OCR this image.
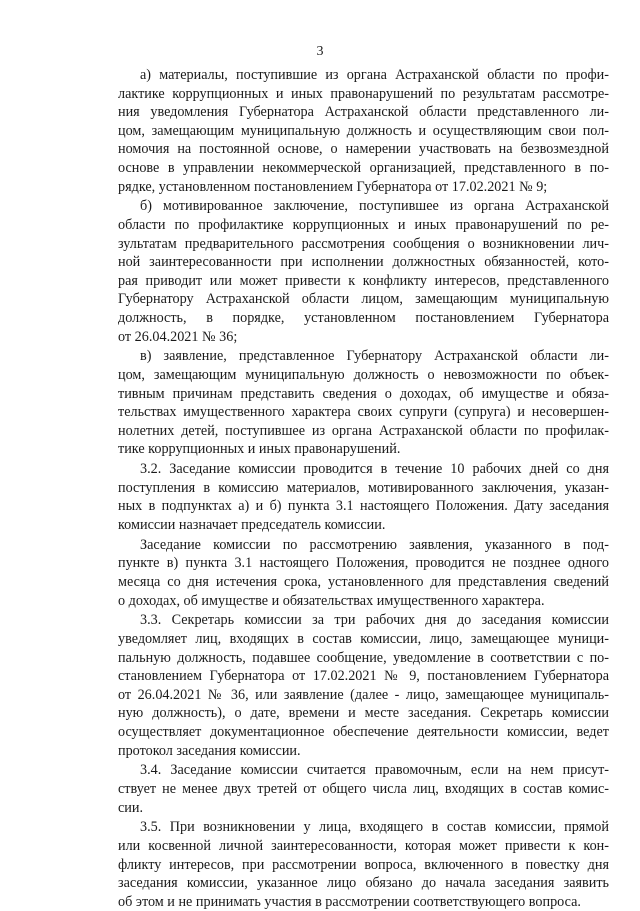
3
а) материалы, поступившие из органа Астраханской области по профи-
лактике коррупционных и иных правонарушений по результатам рассмотре-
ния уведомления Губернатора Астраханской области представленного ли-
цом, замещающим муниципальную должность и осуществляющим свои пол-
номочия на постоянной основе, о намерении участвовать на безвозмездной
основе в управлении некоммерческой организацией, представленного в по-
рядке, установленном постановлением Губернатора от 17.02.2021 № 9;
б) мотивированное заключение, поступившее из органа Астраханской
области по профилактике коррупционных и иных правонарушений по ре-
зультатам предварительного рассмотрения сообщения о возникновении лич-
ной заинтересованности при исполнении должностных обязанностей, кото-
рая приводит или может привести к конфликту интересов, представленного
Губернатору Астраханской области лицом, замещающим муниципальную
должность, в порядке, установленном постановлением Губернатора
от 26.04.2021 № 36;
в) заявление, представленное Губернатору Астраханской области ли-
цом, замещающим муниципальную должность о невозможности по объек-
тивным причинам представить сведения о доходах, об имуществе и обяза-
тельствах имущественного характера своих супруги (супруга) и несовершен-
нолетних детей, поступившее из органа Астраханской области по профилак-
тике коррупционных и иных правонарушений.
3.2. Заседание комиссии проводится в течение 10 рабочих дней со дня
поступления в комиссию материалов, мотивированного заключения, указан-
ных в подпунктах а) и б) пункта 3.1 настоящего Положения. Дату заседания
комиссии назначает председатель комиссии.
Заседание комиссии по рассмотрению заявления, указанного в под-
пункте в) пункта 3.1 настоящего Положения, проводится не позднее одного
месяца со дня истечения срока, установленного для представления сведений
о доходах, об имуществе и обязательствах имущественного характера.
3.3. Секретарь комиссии за три рабочих дня до заседания комиссии
уведомляет лиц, входящих в состав комиссии, лицо, замещающее муници-
пальную должность, подавшее сообщение, уведомление в соответствии с по-
становлением Губернатора от 17.02.2021 № 9, постановлением Губернатора
от 26.04.2021 № 36, или заявление (далее - лицо, замещающее муниципаль-
ную должность), о дате, времени и месте заседания. Секретарь комиссии
осуществляет документационное обеспечение деятельности комиссии, ведет
протокол заседания комиссии.
3.4. Заседание комиссии считается правомочным, если на нем присут-
ствует не менее двух третей от общего числа лиц, входящих в состав комис-
сии.
3.5. При возникновении у лица, входящего в состав комиссии, прямой
или косвенной личной заинтересованности, которая может привести к кон-
фликту интересов, при рассмотрении вопроса, включенного в повестку дня
заседания комиссии, указанное лицо обязано до начала заседания заявить
об этом и не принимать участия в рассмотрении соответствующего вопроса.
